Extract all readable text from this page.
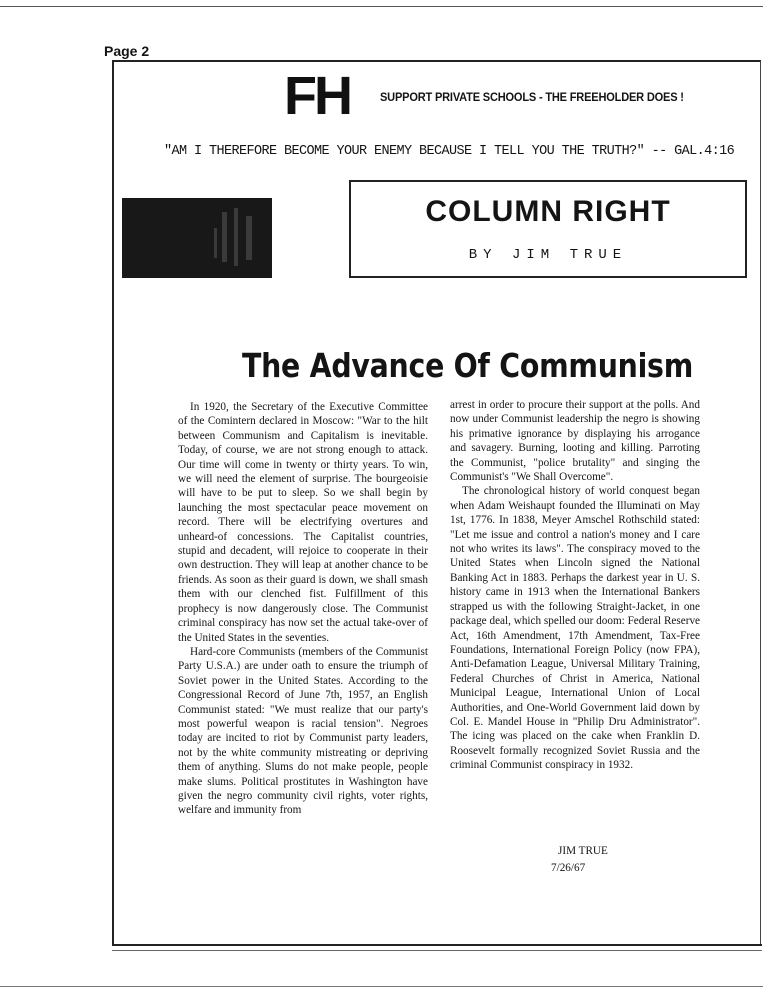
Page 2
FH	SUPPORT PRIVATE SCHOOLS - THE FREEHOLDER DOES !
"AM I THEREFORE BECOME YOUR ENEMY BECAUSE I TELL YOU THE TRUTH?" -- GAL.4:16
COLUMN RIGHT
BY JIM TRUE
The Advance Of Communism

In 1920, the Secretary of the Executive Committee of the Comintern declared in Moscow: "War to the hilt between Communism and Capitalism is inevitable. Today, of course, we are not strong enough to attack. Our time will come in twenty or thirty years. To win, we will need the element of surprise. The bourgeoisie will have to be put to sleep. So we shall begin by launching the most spectacular peace movement on record. There will be electrifying overtures and unheard-of concessions. The Capitalist countries, stupid and decadent, will rejoice to cooperate in their own destruction. They will leap at another chance to be friends. As soon as their guard is down, we shall smash them with our clenched fist. Fulfillment of this prophecy is now dangerously close. The Communist criminal conspiracy has now set the actual take-over of the United States in the seventies.

Hard-core Communists (members of the Communist Party U.S.A.) are under oath to ensure the triumph of Soviet power in the United States. According to the Congressional Record of June 7th, 1957, an English Communist stated: "We must realize that our party's most powerful weapon is racial tension". Negroes today are incited to riot by Communist party leaders, not by the white community mistreating or depriving them of anything. Slums do not make people, people make slums. Political prostitutes in Washington have given the negro community civil rights, voter rights, welfare and immunity from

arrest in order to procure their support at the polls. And now under Communist leadership the negro is showing his primative ignorance by displaying his arrogance and savagery. Burning, looting and killing. Parroting the Communist, "police brutality" and singing the Communist's "We Shall Overcome".

The chronological history of world conquest began when Adam Weishaupt founded the Illuminati on May 1st, 1776. In 1838, Meyer Amschel Rothschild stated: "Let me issue and control a nation's money and I care not who writes its laws". The conspiracy moved to the United States when Lincoln signed the National Banking Act in 1883. Perhaps the darkest year in U. S. history came in 1913 when the International Bankers strapped us with the following Straight-Jacket, in one package deal, which spelled our doom: Federal Reserve Act, 16th Amendment, 17th Amendment, Tax-Free Foundations, International Foreign Policy (now FPA), Anti-Defamation League, Universal Military Training, Federal Churches of Christ in America, National Municipal League, International Union of Local Authorities, and One-World Government laid down by Col. E. Mandel House in "Philip Dru Administrator". The icing was placed on the cake when Franklin D. Roosevelt formally recognized Soviet Russia and the criminal Communist conspiracy in 1932.

JIM TRUE
7/26/67
